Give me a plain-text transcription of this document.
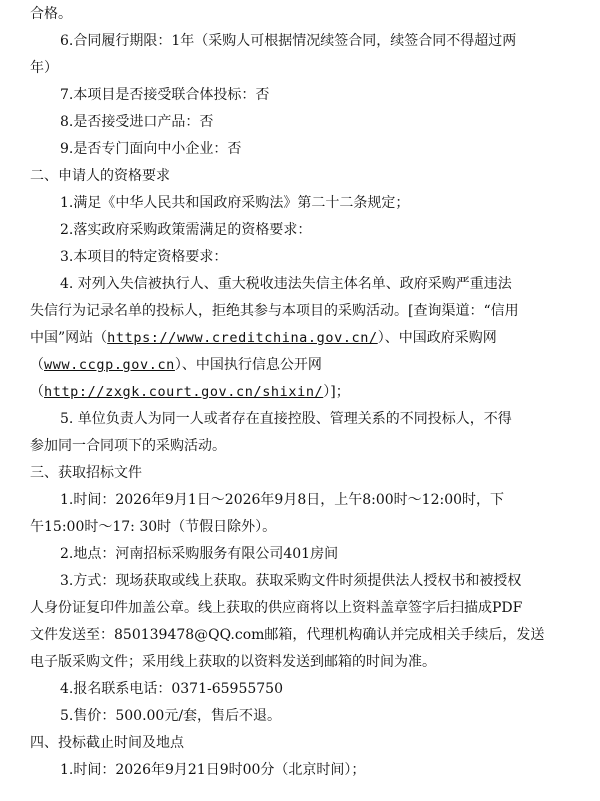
合格。
6.合同履行期限：1年（采购人可根据情况续签合同，续签合同不得超过两
年）
7.本项目是否接受联合体投标：否
8.是否接受进口产品：否
9.是否专门面向中小企业：否
二、申请人的资格要求
1.满足《中华人民共和国政府采购法》第二十二条规定；
2.落实政府采购政策需满足的资格要求：
3.本项目的特定资格要求：
4. 对列入失信被执行人、重大税收违法失信主体名单、政府采购严重违法
失信行为记录名单的投标人，拒绝其参与本项目的采购活动。[查询渠道：“信用
中国”网站（https://www.creditchina.gov.cn/）、中国政府采购网
（www.ccgp.gov.cn）、中国执行信息公开网
（http://zxgk.court.gov.cn/shixin/）]；
5. 单位负责人为同一人或者存在直接控股、管理关系的不同投标人，不得
参加同一合同项下的采购活动。
三、获取招标文件
1.时间：2026年9月1日～2026年9月8日，上午8:00时～12:00时，下
午15:00时～17: 30时（节假日除外）。
2.地点：河南招标采购服务有限公司401房间
3.方式：现场获取或线上获取。获取采购文件时须提供法人授权书和被授权
人身份证复印件加盖公章。线上获取的供应商将以上资料盖章签字后扫描成PDF
文件发送至：850139478@QQ.com邮箱，代理机构确认并完成相关手续后，发送
电子版采购文件；采用线上获取的以资料发送到邮箱的时间为准。
4.报名联系电话：0371-65955750
5.售价：500.00元/套，售后不退。
四、投标截止时间及地点
1.时间：2026年9月21日9时00分（北京时间）；
